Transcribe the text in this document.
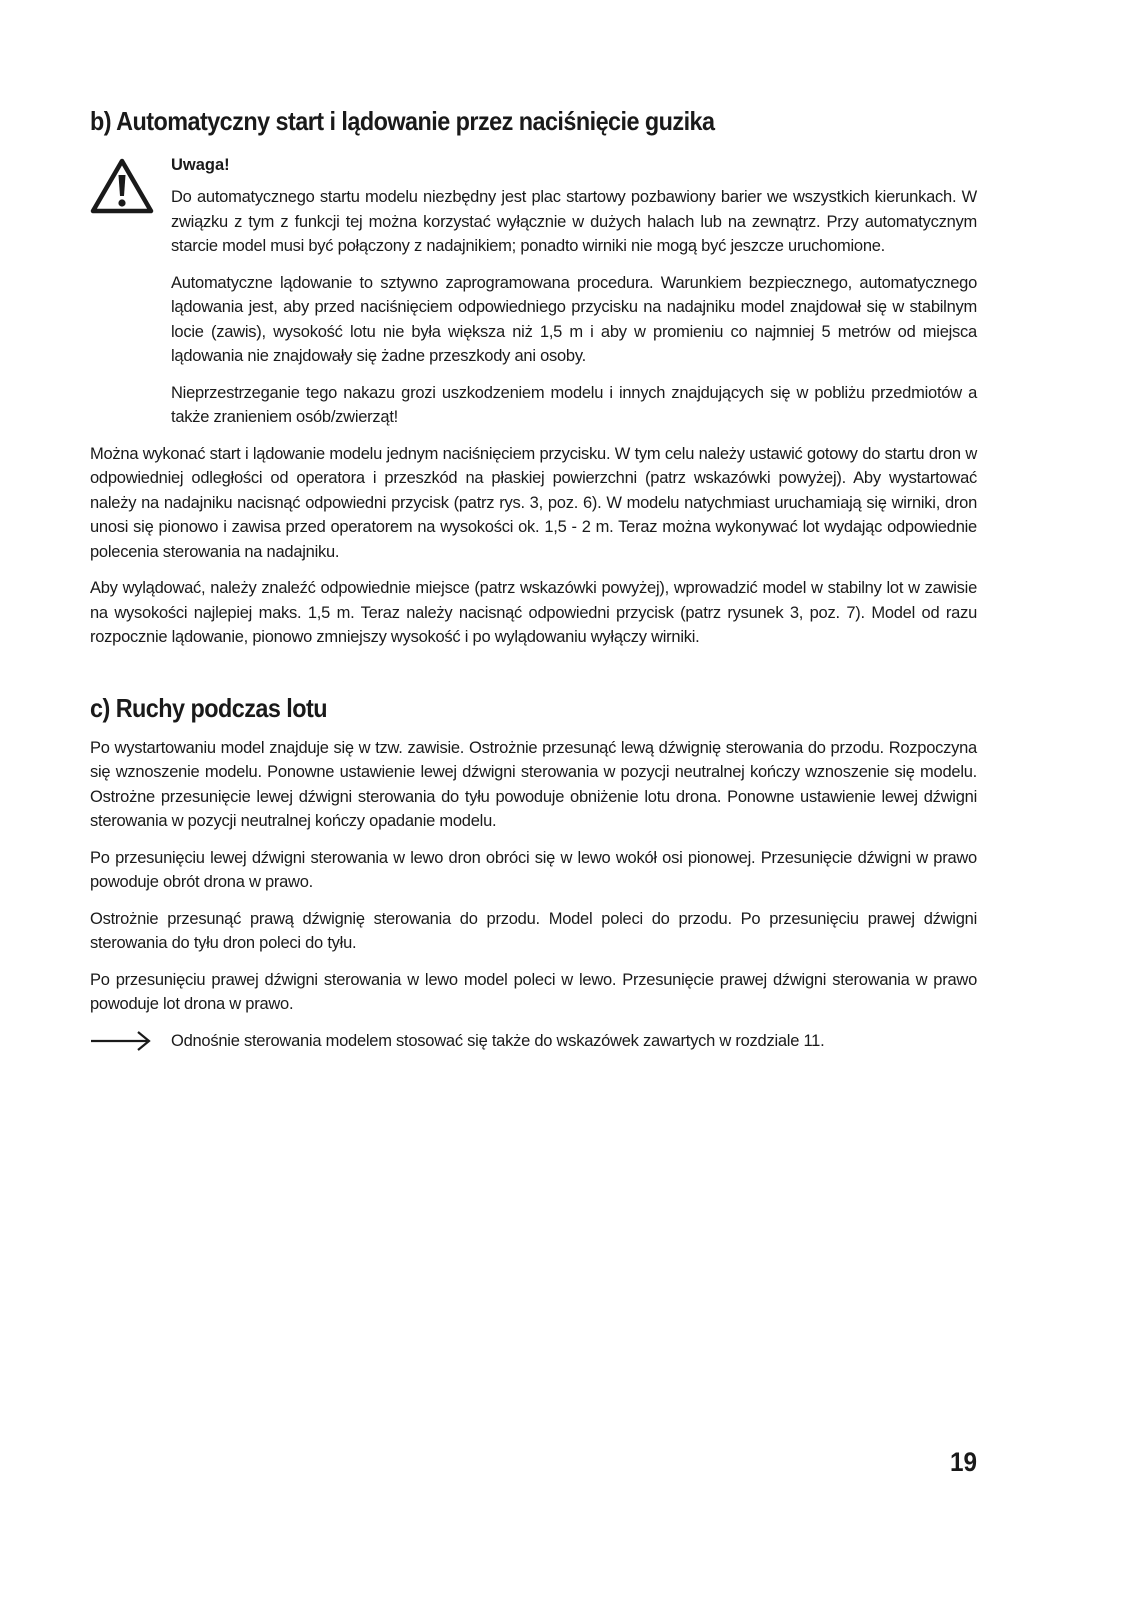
b) Automatyczny start i lądowanie przez naciśnięcie guzika
Uwaga!

Do automatycznego startu modelu niezbędny jest plac startowy pozbawiony barier we wszystkich kierunkach. W związku z tym z funkcji tej można korzystać wyłącznie w dużych halach lub na zewnątrz. Przy automatycznym starcie model musi być połączony z nadajnikiem; ponadto wirniki nie mogą być jeszcze uruchomione.

Automatyczne lądowanie to sztywno zaprogramowana procedura. Warunkiem bezpiecznego, automatycznego lądowania jest, aby przed naciśnięciem odpowiedniego przycisku na nadajniku model znajdował się w stabilnym locie (zawis), wysokość lotu nie była większa niż 1,5 m i aby w promieniu co najmniej 5 metrów od miejsca lądowania nie znajdowały się żadne przeszkody ani osoby.

Nieprzestrzeganie tego nakazu grozi uszkodzeniem modelu i innych znajdujących się w pobliżu przedmiotów a także zranieniem osób/zwierząt!

Można wykonać start i lądowanie modelu jednym naciśnięciem przycisku. W tym celu należy ustawić gotowy do startu dron w odpowiedniej odległości od operatora i przeszkód na płaskiej powierzchni (patrz wskazówki powyżej). Aby wystartować należy na nadajniku nacisnąć odpowiedni przycisk (patrz rys. 3, poz. 6). W modelu natychmiast uruchamiają się wirniki, dron unosi się pionowo i zawisa przed operatorem na wysokości ok. 1,5 - 2 m. Teraz można wykonywać lot wydając odpowiednie polecenia sterowania na nadajniku.

Aby wylądować, należy znaleźć odpowiednie miejsce (patrz wskazówki powyżej), wprowadzić model w stabilny lot w zawisie na wysokości najlepiej maks. 1,5 m. Teraz należy nacisnąć odpowiedni przycisk (patrz rysunek 3, poz. 7). Model od razu rozpocznie lądowanie, pionowo zmniejszy wysokość i po wylądowaniu wyłączy wirniki.

c) Ruchy podczas lotu

Po wystartowaniu model znajduje się w tzw. zawisie. Ostrożnie przesunąć lewą dźwignię sterowania do przodu. Rozpoczyna się wznoszenie modelu. Ponowne ustawienie lewej dźwigni sterowania w pozycji neutralnej kończy wznoszenie się modelu. Ostrożne przesunięcie lewej dźwigni sterowania do tyłu powoduje obniżenie lotu drona. Ponowne ustawienie lewej dźwigni sterowania w pozycji neutralnej kończy opadanie modelu.

Po przesunięciu lewej dźwigni sterowania w lewo dron obróci się w lewo wokół osi pionowej. Przesunięcie dźwigni w prawo powoduje obrót drona w prawo.

Ostrożnie przesunąć prawą dźwignię sterowania do przodu. Model poleci do przodu. Po przesunięciu prawej dźwigni sterowania do tyłu dron poleci do tyłu.

Po przesunięciu prawej dźwigni sterowania w lewo model poleci w lewo. Przesunięcie prawej dźwigni sterowania w prawo powoduje lot drona w prawo.

Odnośnie sterowania modelem stosować się także do wskazówek zawartych w rozdziale 11.

19
